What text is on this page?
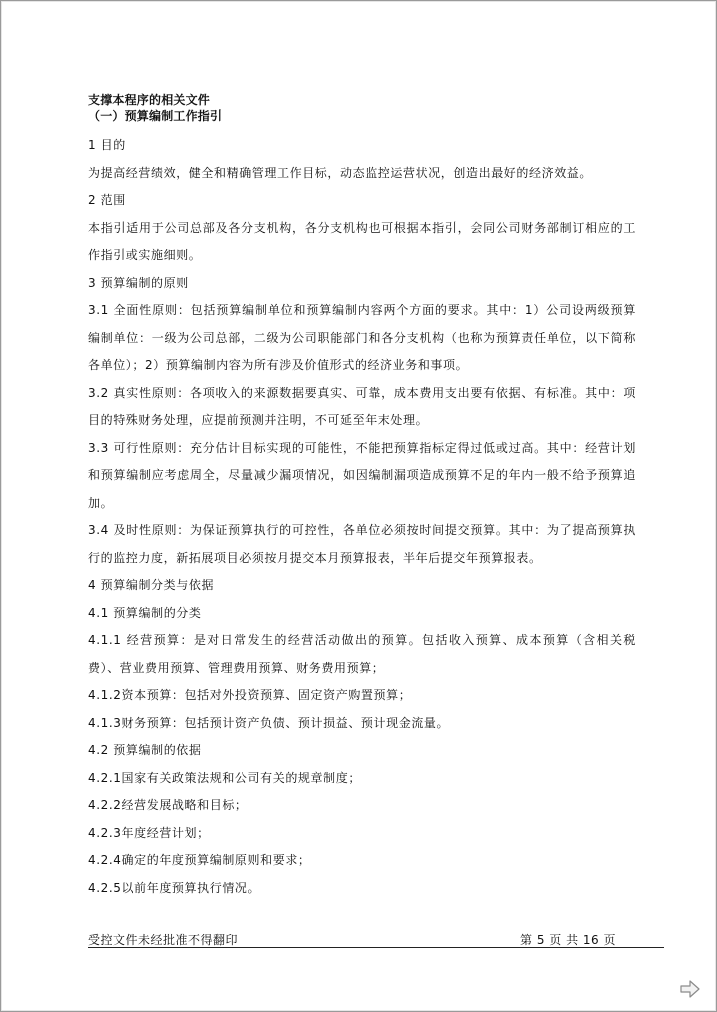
支撑本程序的相关文件
（一）预算编制工作指引

1 目的

为提高经营绩效，健全和精确管理工作目标，动态监控运营状况，创造出最好的经济效益。

2 范围

本指引适用于公司总部及各分支机构，各分支机构也可根据本指引，会同公司财务部制订相应的工作指引或实施细则。

3 预算编制的原则

3.1 全面性原则：包括预算编制单位和预算编制内容两个方面的要求。其中：1）公司设两级预算编制单位：一级为公司总部，二级为公司职能部门和各分支机构（也称为预算责任单位，以下简称各单位）；2）预算编制内容为所有涉及价值形式的经济业务和事项。

3.2 真实性原则：各项收入的来源数据要真实、可靠，成本费用支出要有依据、有标准。其中：项目的特殊财务处理，应提前预测并注明，不可延至年末处理。

3.3 可行性原则：充分估计目标实现的可能性，不能把预算指标定得过低或过高。其中：经营计划和预算编制应考虑周全，尽量减少漏项情况，如因编制漏项造成预算不足的年内一般不给予预算追加。

3.4 及时性原则：为保证预算执行的可控性，各单位必须按时间提交预算。其中：为了提高预算执行的监控力度，新拓展项目必须按月提交本月预算报表，半年后提交年预算报表。

4 预算编制分类与依据

4.1 预算编制的分类

4.1.1 经营预算：是对日常发生的经营活动做出的预算。包括收入预算、成本预算（含相关税费）、营业费用预算、管理费用预算、财务费用预算；

4.1.2资本预算：包括对外投资预算、固定资产购置预算；

4.1.3财务预算：包括预计资产负债、预计损益、预计现金流量。

4.2 预算编制的依据

4.2.1国家有关政策法规和公司有关的规章制度；

4.2.2经营发展战略和目标；

4.2.3年度经营计划；

4.2.4确定的年度预算编制原则和要求；

4.2.5以前年度预算执行情况。

受控文件未经批准不得翻印	第 5 页 共 16 页
